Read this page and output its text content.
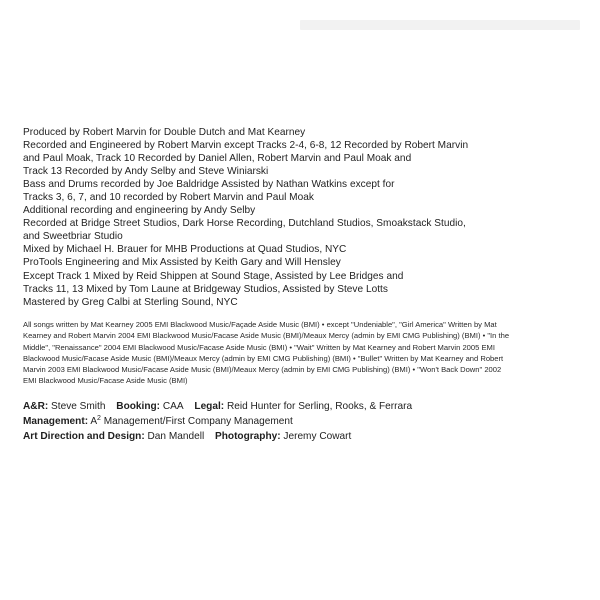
Produced by Robert Marvin for Double Dutch and Mat Kearney
Recorded and Engineered by Robert Marvin except Tracks 2-4, 6-8, 12 Recorded by Robert Marvin
and Paul Moak, Track 10 Recorded by Daniel Allen, Robert Marvin and Paul Moak and
Track 13 Recorded by Andy Selby and Steve Winiarski
Bass and Drums recorded by Joe Baldridge Assisted by Nathan Watkins except for
Tracks 3, 6, 7, and 10 recorded by Robert Marvin and Paul Moak
Additional recording and engineering by Andy Selby
Recorded at Bridge Street Studios, Dark Horse Recording, Dutchland Studios, Smoakstack Studio,
and Sweetbriar Studio
Mixed by Michael H. Brauer for MHB Productions at Quad Studios, NYC
ProTools Engineering and Mix Assisted by Keith Gary and Will Hensley
Except Track 1 Mixed by Reid Shippen at Sound Stage, Assisted by Lee Bridges and
Tracks 11, 13 Mixed by Tom Laune at Bridgeway Studios, Assisted by Steve Lotts
Mastered by Greg Calbi at Sterling Sound, NYC
All songs written by Mat Kearney 2005 EMI Blackwood Music/Façade Aside Music (BMI) • except "Undeniable", "Girl America" Written by Mat
Kearney and Robert Marvin 2004 EMI Blackwood Music/Facase Aside Music (BMI)/Meaux Mercy (admin by EMI CMG Publishing) (BMI) • "In the
Middle", "Renaissance" 2004 EMI Blackwood Music/Facase Aside Music (BMI) • "Wait" Written by Mat Kearney and Robert Marvin 2005 EMI
Blackwood Music/Facase Aside Music (BMI)/Meaux Mercy (admin by EMI CMG Publishing) (BMI) • "Bullet" Written by Mat Kearney and Robert
Marvin 2003 EMI Blackwood Music/Facase Aside Music (BMI)/Meaux Mercy (admin by EMI CMG Publishing) (BMI) • "Won't Back Down" 2002
EMI Blackwood Music/Facase Aside Music (BMI)
A&R: Steve Smith Booking: CAA Legal: Reid Hunter for Serling, Rooks, & Ferrara
Management: $A^2$ Management/First Company Management
Art Direction and Design: Dan Mandell Photography: Jeremy Cowart
